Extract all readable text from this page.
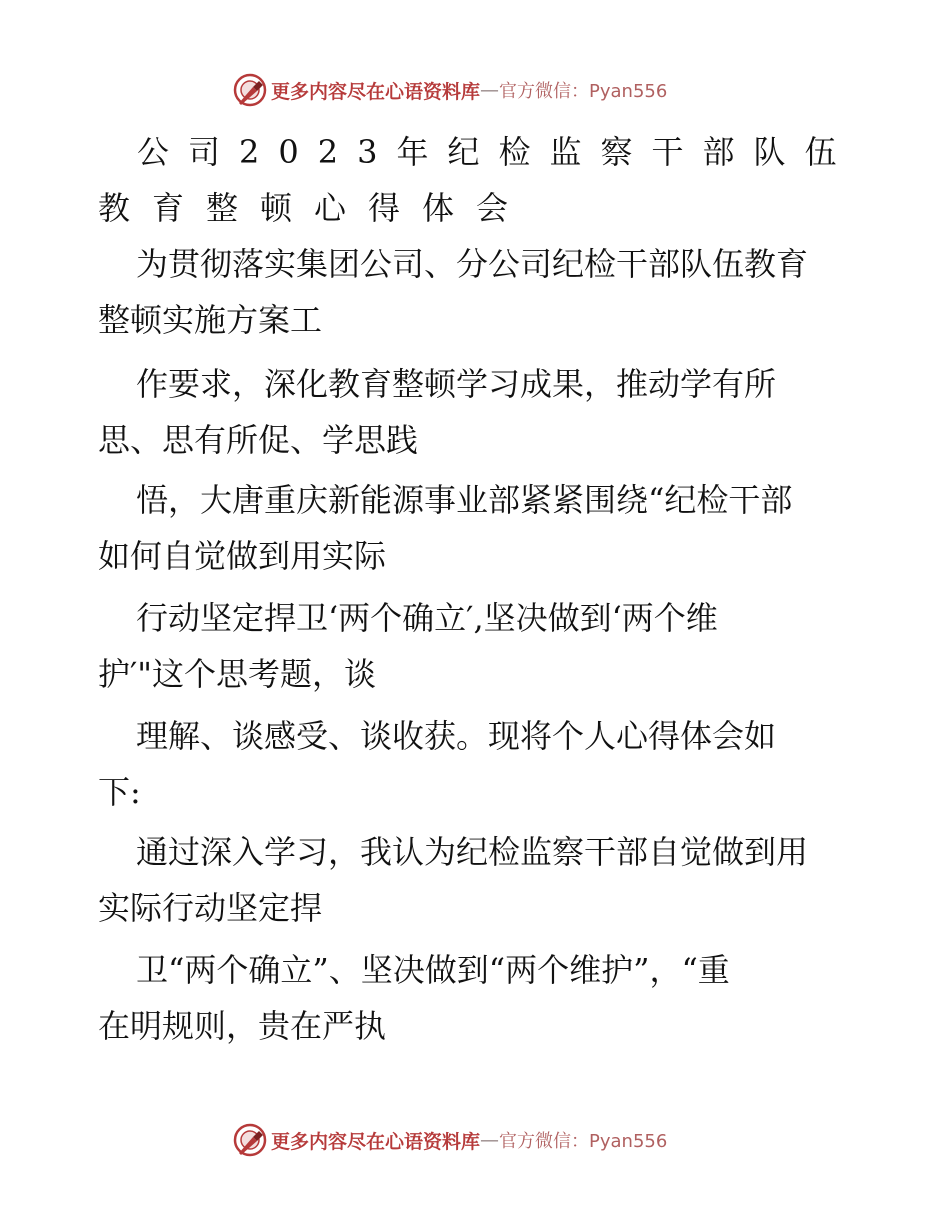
更多内容尽在心语资料库 — 官方微信：Pyan556
公司2023年纪检监察干部队伍
教育整顿心得体会
为贯彻落实集团公司、分公司纪检干部队伍教育
整顿实施方案工
作要求，深化教育整顿学习成果，推动学有所
思、思有所促、学思践
悟，大唐重庆新能源事业部紧紧围绕“纪检干部
如何自觉做到用实际
行动坚定捍卫‘两个确立′,坚决做到‘两个维
护′"这个思考题，谈
理解、谈感受、谈收获。现将个人心得体会如
下:
通过深入学习，我认为纪检监察干部自觉做到用
实际行动坚定捍
卫“两个确立”、坚决做到“两个维护”，“重
在明规则，贵在严执
更多内容尽在心语资料库 — 官方微信：Pyan556
